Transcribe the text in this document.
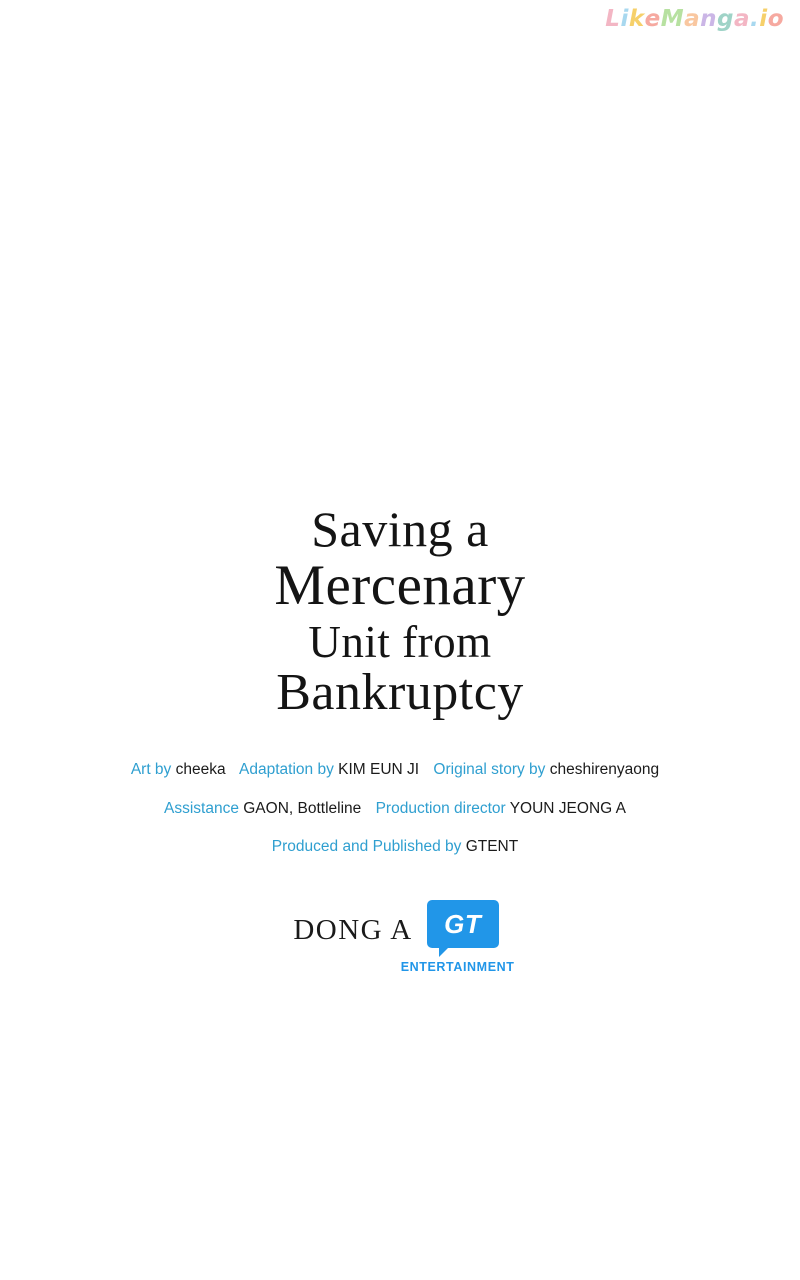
LikeManga.io
Saving a
Mercenary
Unit from
Bankruptcy
Art by cheeka Adaptation by KIM EUN JI Original story by cheshirenyaong
Assistance GAON, Bottleline Production director YOUN JEONG A
Produced and Published by GTENT
DONG A GT
ENTERTAINMENT
